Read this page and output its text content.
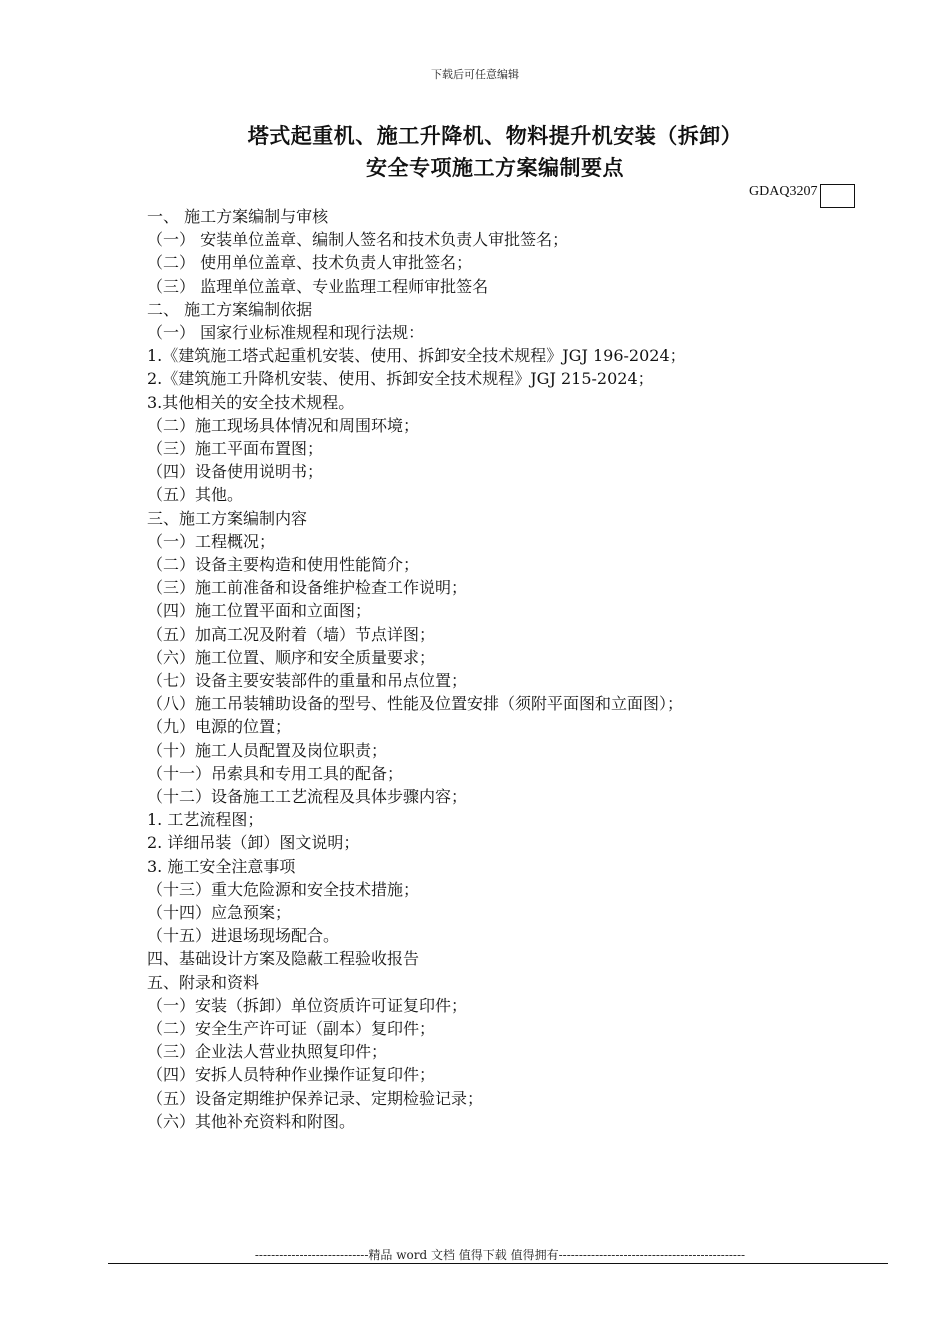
下载后可任意编辑
塔式起重机、施工升降机、物料提升机安装（拆卸）
安全专项施工方案编制要点
GDAQ3207
一、 施工方案编制与审核
（一） 安装单位盖章、编制人签名和技术负责人审批签名；
（二） 使用单位盖章、技术负责人审批签名；
（三） 监理单位盖章、专业监理工程师审批签名
二、 施工方案编制依据
（一） 国家行业标准规程和现行法规：
1.《建筑施工塔式起重机安装、使用、拆卸安全技术规程》JGJ 196-2024；
2.《建筑施工升降机安装、使用、拆卸安全技术规程》JGJ 215-2024；
3.其他相关的安全技术规程。
（二）施工现场具体情况和周围环境；
（三）施工平面布置图；
（四）设备使用说明书；
（五）其他。
三、施工方案编制内容
（一）工程概况；
（二）设备主要构造和使用性能简介；
（三）施工前准备和设备维护检查工作说明；
（四）施工位置平面和立面图；
（五）加高工况及附着（墙）节点详图；
（六）施工位置、顺序和安全质量要求；
（七）设备主要安装部件的重量和吊点位置；
（八）施工吊装辅助设备的型号、性能及位置安排（须附平面图和立面图）；
（九）电源的位置；
（十）施工人员配置及岗位职责；
（十一）吊索具和专用工具的配备；
（十二）设备施工工艺流程及具体步骤内容；
1. 工艺流程图；
2. 详细吊装（卸）图文说明；
3. 施工安全注意事项
（十三）重大危险源和安全技术措施；
（十四）应急预案；
（十五）进退场现场配合。
四、基础设计方案及隐蔽工程验收报告
五、附录和资料
（一）安装（拆卸）单位资质许可证复印件；
（二）安全生产许可证（副本）复印件；
（三）企业法人营业执照复印件；
（四）安拆人员特种作业操作证复印件；
（五）设备定期维护保养记录、定期检验记录；
（六）其他补充资料和附图。
----------------------------精品 word 文档 值得下载 值得拥有----------------------------------------------
